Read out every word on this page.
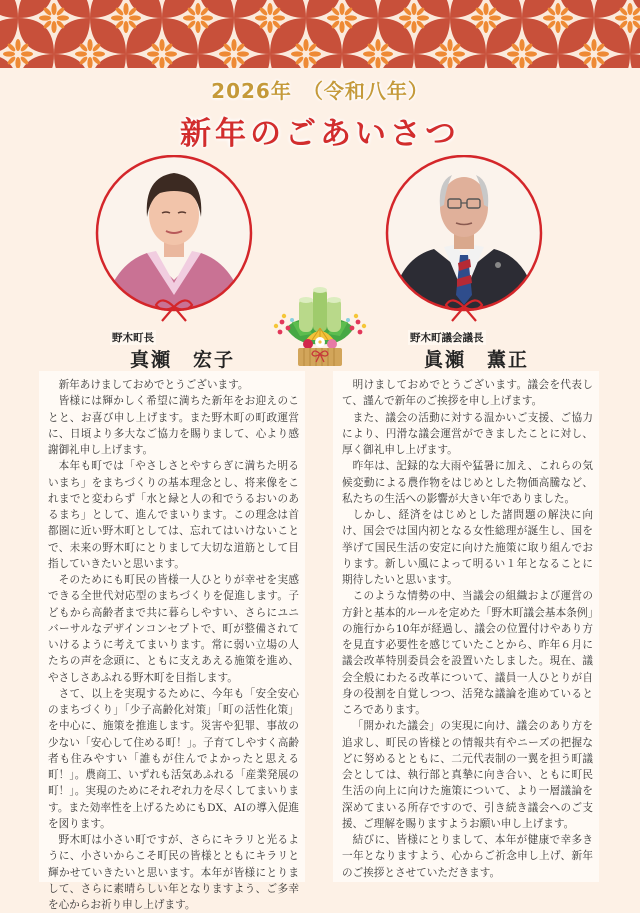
2026年　（令和八年）
新年のごあいさつ
野木町長
真瀬　宏子
野木町議会議長
眞瀬　薫正

新年あけましておめでとうございます。

皆様には輝かしく希望に満ちた新年をお迎えのことと、お喜び申し上げます。また野木町の町政運営に、日頃より多大なご協力を賜りまして、心より感謝御礼申し上げます。

本年も町では「やさしさとやすらぎに満ちた明るいまち」をまちづくりの基本理念とし、将来像をこれまでと変わらず「水と緑と人の和でうるおいのあるまち」として、進んでまいります。この理念は首都圏に近い野木町としては、忘れてはいけないことで、未来の野木町にとりまして大切な道筋として目指していきたいと思います。

そのためにも町民の皆様一人ひとりが幸せを実感できる全世代対応型のまちづくりを促進します。子どもから高齢者まで共に暮らしやすい、さらにユニバーサルなデザインコンセプトで、町が整備されていけるように考えてまいります。常に弱い立場の人たちの声を念頭に、ともに支えあえる施策を進め、やさしさあふれる野木町を目指します。

さて、以上を実現するために、今年も「安全安心のまちづくり」「少子高齢化対策」「町の活性化策」を中心に、施策を推進します。災害や犯罪、事故の少ない「安心して住める町！」。子育てしやすく高齢者も住みやすい「誰もが住んでよかったと思える町！」。農商工、いずれも活気あふれる「産業発展の町！」。実現のためにそれぞれ力を尽くしてまいります。また効率性を上げるためにもDX、AIの導入促進を図ります。

野木町は小さい町ですが、さらにキラリと光るように、小さいからこそ町民の皆様とともにキラリと輝かせていきたいと思います。本年が皆様にとりまして、さらに素晴らしい年となりますよう、ご多幸を心からお祈り申し上げます。

明けましておめでとうございます。議会を代表して、謹んで新年のご挨拶を申し上げます。

また、議会の活動に対する温かいご支援、ご協力により、円滑な議会運営ができましたことに対し、厚く御礼申し上げます。

昨年は、記録的な大雨や猛暑に加え、これらの気候変動による農作物をはじめとした物価高騰など、私たちの生活への影響が大きい年でありました。

しかし、経済をはじめとした諸問題の解決に向け、国会では国内初となる女性総理が誕生し、国を挙げて国民生活の安定に向けた施策に取り組んでおります。新しい風によって明るい１年となることに期待したいと思います。

このような情勢の中、当議会の組織および運営の方針と基本的ルールを定めた「野木町議会基本条例」の施行から10年が経過し、議会の位置付けやあり方を見直す必要性を感じていたことから、昨年６月に議会改革特別委員会を設置いたしました。現在、議会全般にわたる改革について、議員一人ひとりが自身の役割を自覚しつつ、活発な議論を進めているところであります。

「開かれた議会」の実現に向け、議会のあり方を追求し、町民の皆様との情報共有やニーズの把握などに努めるとともに、二元代表制の一翼を担う町議会としては、執行部と真摯に向き合い、ともに町民生活の向上に向けた施策について、より一層議論を深めてまいる所存ですので、引き続き議会へのご支援、ご理解を賜りますようお願い申し上げます。

結びに、皆様にとりまして、本年が健康で幸多き一年となりますよう、心からご祈念申し上げ、新年のご挨拶とさせていただきます。
